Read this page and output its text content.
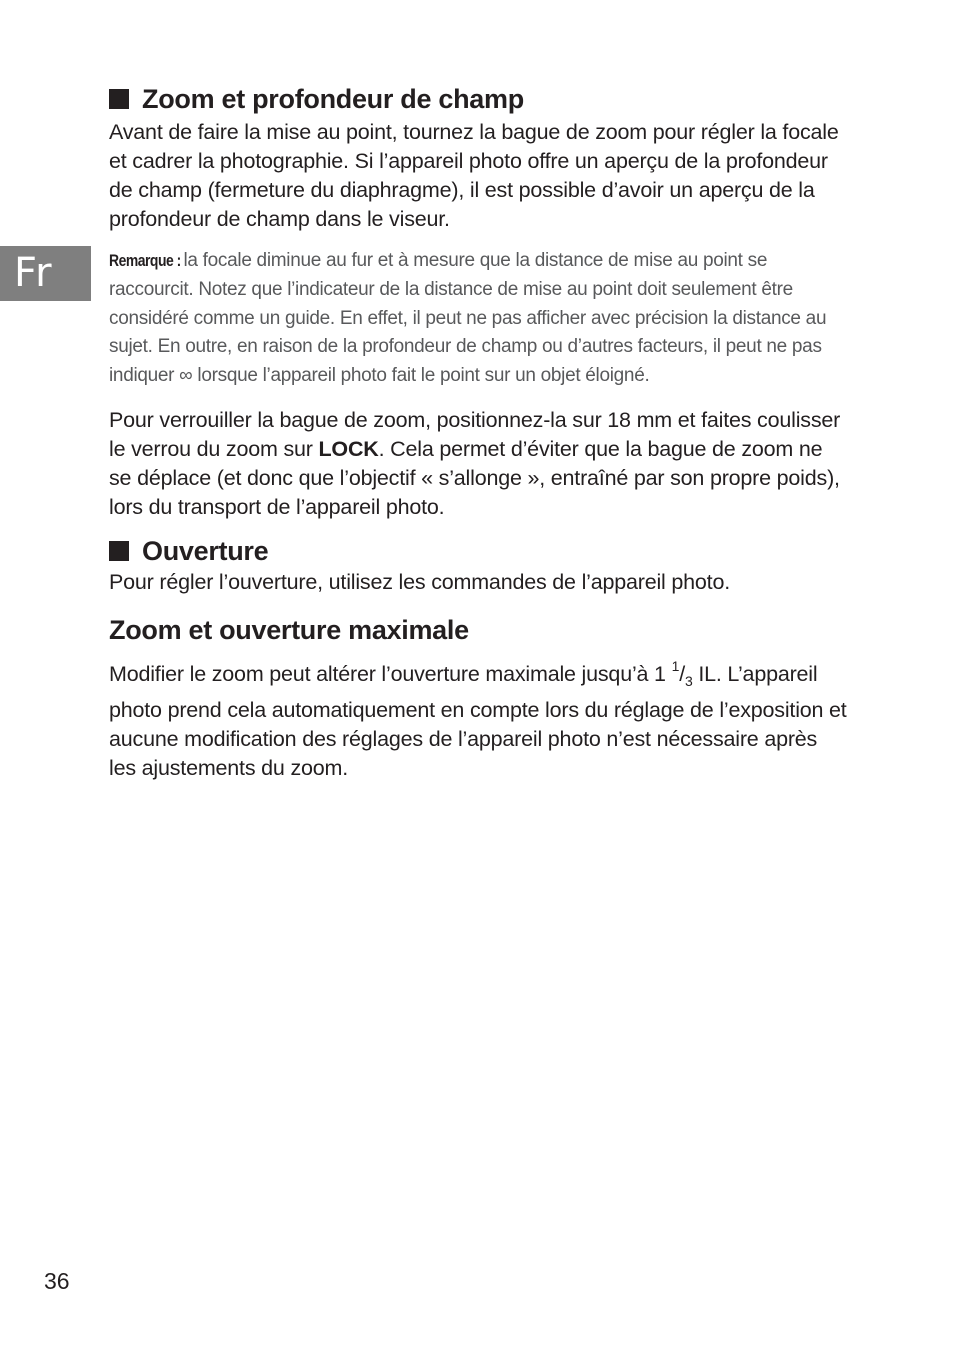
Fr
Zoom et profondeur de champ

Avant de faire la mise au point, tournez la bague de zoom pour régler la focale et cadrer la photographie. Si l’appareil photo offre un aperçu de la profondeur de champ (fermeture du diaphragme), il est possible d’avoir un aperçu de la profondeur de champ dans le viseur.

Remarque : la focale diminue au fur et à mesure que la distance de mise au point se raccourcit. Notez que l’indicateur de la distance de mise au point doit seulement être considéré comme un guide. En effet, il peut ne pas afficher avec précision la distance au sujet. En outre, en raison de la profondeur de champ ou d’autres facteurs, il peut ne pas indiquer ∞ lorsque l’appareil photo fait le point sur un objet éloigné.

Pour verrouiller la bague de zoom, positionnez-la sur 18 mm et faites coulisser le verrou du zoom sur LOCK. Cela permet d’éviter que la bague de zoom ne se déplace (et donc que l’objectif « s’allonge », entraîné par son propre poids), lors du transport de l’appareil photo.

Ouverture

Pour régler l’ouverture, utilisez les commandes de l’appareil photo.

Zoom et ouverture maximale

Modifier le zoom peut altérer l’ouverture maximale jusqu’à 1 $^1/_3$ IL. L’appareil photo prend cela automatiquement en compte lors du réglage de l’exposition et aucune modification des réglages de l’appareil photo n’est nécessaire après les ajustements du zoom.

36
